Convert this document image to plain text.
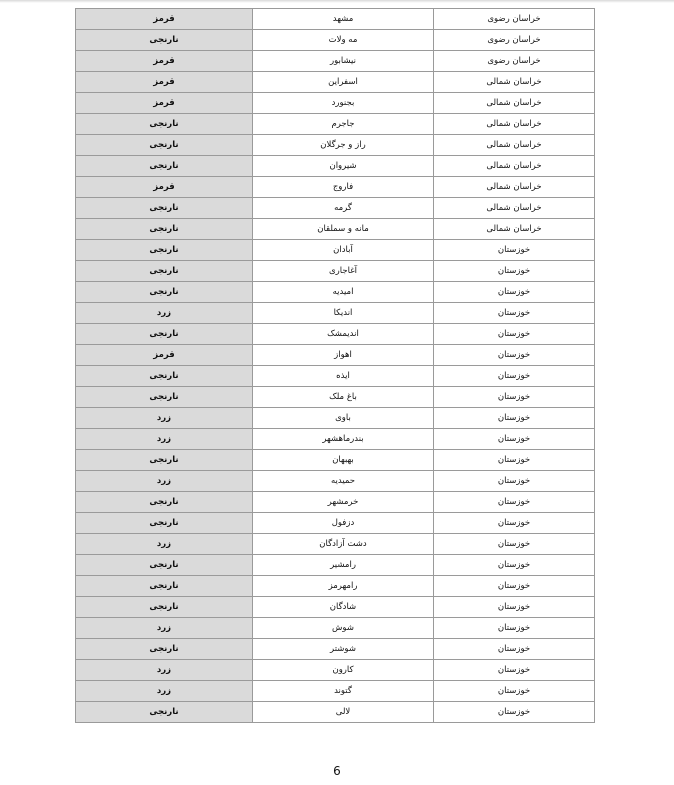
قرمز	مشهد	خراسان رضوی
نارنجی	مه ولات	خراسان رضوی
قرمز	نیشابور	خراسان رضوی
قرمز	اسفراین	خراسان شمالی
قرمز	بجنورد	خراسان شمالی
نارنجی	جاجرم	خراسان شمالی
نارنجی	راز و جرگلان	خراسان شمالی
نارنجی	شیروان	خراسان شمالی
قرمز	فاروج	خراسان شمالی
نارنجی	گرمه	خراسان شمالی
نارنجی	مانه و سملقان	خراسان شمالی
نارنجی	آبادان	خوزستان
نارنجی	آغاجاری	خوزستان
نارنجی	امیدیه	خوزستان
زرد	اندیکا	خوزستان
نارنجی	اندیمشک	خوزستان
قرمز	اهواز	خوزستان
نارنجی	ایذه	خوزستان
نارنجی	باغ ملک	خوزستان
زرد	باوی	خوزستان
زرد	بندرماهشهر	خوزستان
نارنجی	بهبهان	خوزستان
زرد	حمیدیه	خوزستان
نارنجی	خرمشهر	خوزستان
نارنجی	دزفول	خوزستان
زرد	دشت آزادگان	خوزستان
نارنجی	رامشیر	خوزستان
نارنجی	رامهرمز	خوزستان
نارنجی	شادگان	خوزستان
زرد	شوش	خوزستان
نارنجی	شوشتر	خوزستان
زرد	کارون	خوزستان
زرد	گتوند	خوزستان
نارنجی	لالی	خوزستان
6
